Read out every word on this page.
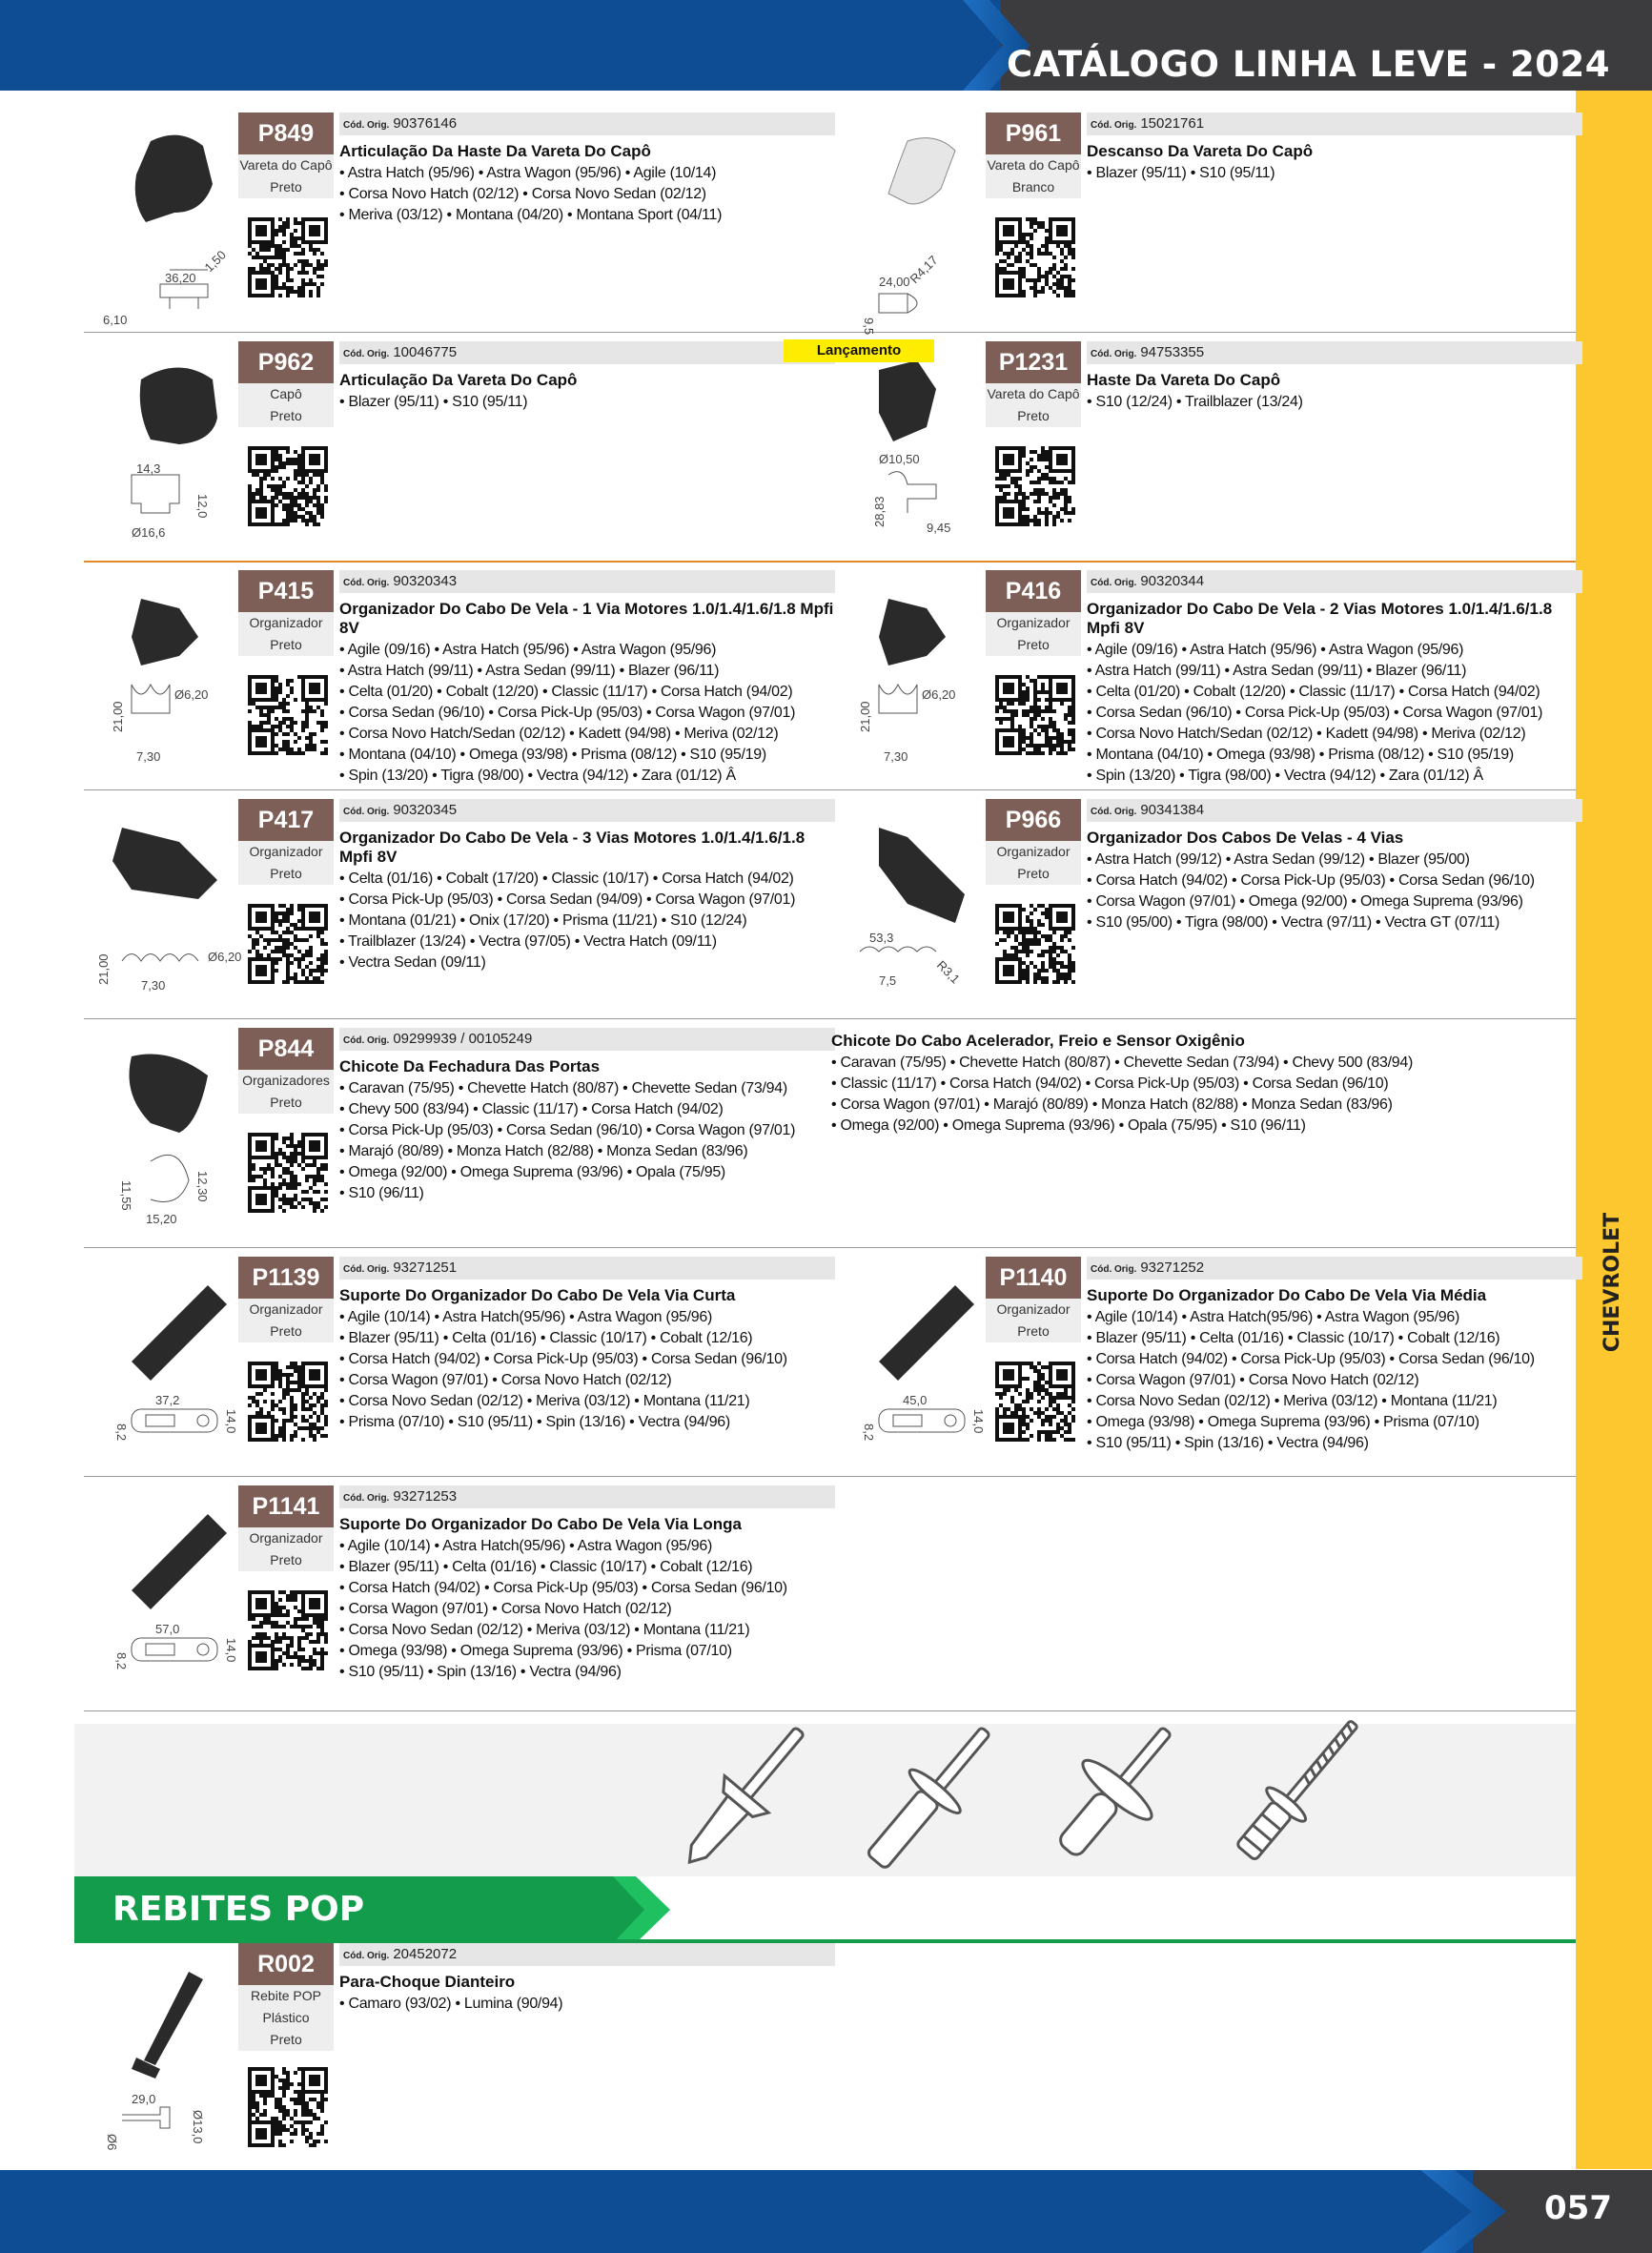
CATÁLOGO LINHA LEVE - 2024
CHEVROLET
REBITES POP
36,20
1,50
6,10
P849
Vareta do Capô
Preto
Cód. Orig. 90376146
Articulação Da Haste Da Vareta Do Capô
• Astra Hatch (95/96) • Astra Wagon (95/96) • Agile (10/14)
• Corsa Novo Hatch (02/12) • Corsa Novo Sedan (02/12)
• Meriva (03/12) • Montana (04/20) • Montana Sport (04/11)
24,00
R4,17
9,5
P961
Vareta do Capô
Branco
Cód. Orig. 15021761
Descanso Da Vareta Do Capô
• Blazer (95/11) • S10 (95/11)
14,3
12,0
Ø16,6
P962
Capô
Preto
Cód. Orig. 10046775
Articulação Da Vareta Do Capô
• Blazer (95/11) • S10 (95/11)
Ø10,50
28,83
9,45
P1231
Vareta do Capô
Preto
Cód. Orig. 94753355
Haste Da Vareta Do Capô
• S10 (12/24) • Trailblazer (13/24)
Lançamento
Ø6,20
21,00
7,30
P415
Organizador
Preto
Cód. Orig. 90320343
Organizador Do Cabo De Vela - 1 Via Motores 1.0/1.4/1.6/1.8 Mpfi 8V
• Agile (09/16) • Astra Hatch (95/96) • Astra Wagon (95/96)
• Astra Hatch (99/11) • Astra Sedan (99/11) • Blazer (96/11)
• Celta (01/20) • Cobalt (12/20) • Classic (11/17) • Corsa Hatch (94/02)
• Corsa Sedan (96/10) • Corsa Pick-Up (95/03) • Corsa Wagon (97/01)
• Corsa Novo Hatch/Sedan (02/12) • Kadett (94/98) • Meriva (02/12)
• Montana (04/10) • Omega (93/98) • Prisma (08/12) • S10 (95/19)
• Spin (13/20) • Tigra (98/00) • Vectra (94/12) • Zara (01/12) Â
Ø6,20
21,00
7,30
P416
Organizador
Preto
Cód. Orig. 90320344
Organizador Do Cabo De Vela - 2 Vias Motores 1.0/1.4/1.6/1.8 Mpfi 8V
• Agile (09/16) • Astra Hatch (95/96) • Astra Wagon (95/96)
• Astra Hatch (99/11) • Astra Sedan (99/11) • Blazer (96/11)
• Celta (01/20) • Cobalt (12/20) • Classic (11/17) • Corsa Hatch (94/02)
• Corsa Sedan (96/10) • Corsa Pick-Up (95/03) • Corsa Wagon (97/01)
• Corsa Novo Hatch/Sedan (02/12) • Kadett (94/98) • Meriva (02/12)
• Montana (04/10) • Omega (93/98) • Prisma (08/12) • S10 (95/19)
• Spin (13/20) • Tigra (98/00) • Vectra (94/12) • Zara (01/12) Â
Ø6,20
21,00
7,30
P417
Organizador
Preto
Cód. Orig. 90320345
Organizador Do Cabo De Vela - 3 Vias Motores 1.0/1.4/1.6/1.8 Mpfi 8V
• Celta (01/16) • Cobalt (17/20) • Classic (10/17) • Corsa Hatch (94/02)
• Corsa Pick-Up (95/03) • Corsa Sedan (94/09) • Corsa Wagon (97/01)
• Montana (01/21) • Onix (17/20) • Prisma (11/21) • S10 (12/24)
• Trailblazer (13/24) • Vectra (97/05) • Vectra Hatch (09/11)
• Vectra Sedan (09/11)
53,3
R3,1
7,5
P966
Organizador
Preto
Cód. Orig. 90341384
Organizador Dos Cabos De Velas - 4 Vias
• Astra Hatch (99/12) • Astra Sedan (99/12) • Blazer (95/00)
• Corsa Hatch (94/02) • Corsa Pick-Up (95/03) • Corsa Sedan (96/10)
• Corsa Wagon (97/01) • Omega (92/00) • Omega Suprema (93/96)
• S10 (95/00) • Tigra (98/00) • Vectra (97/11) • Vectra GT (07/11)
11,55	12,30
15,20
P844
Organizadores
Preto
Cód. Orig. 09299939 / 00105249
Chicote Da Fechadura Das Portas
• Caravan (75/95) • Chevette Hatch (80/87) • Chevette Sedan (73/94)
• Chevy 500 (83/94) • Classic (11/17) • Corsa Hatch (94/02)
• Corsa Pick-Up (95/03) • Corsa Sedan (96/10) • Corsa Wagon (97/01)
• Marajó (80/89) • Monza Hatch (82/88) • Monza Sedan (83/96)
• Omega (92/00) • Omega Suprema (93/96) • Opala (75/95)
• S10 (96/11)
37,2
8,2	14,0
P1139
Organizador
Preto
Cód. Orig. 93271251
Suporte Do Organizador Do Cabo De Vela Via Curta
• Agile (10/14) • Astra Hatch(95/96) • Astra Wagon (95/96)
• Blazer (95/11) • Celta (01/16) • Classic (10/17) • Cobalt (12/16)
• Corsa Hatch (94/02) • Corsa Pick-Up (95/03) • Corsa Sedan (96/10)
• Corsa Wagon (97/01) • Corsa Novo Hatch (02/12)
• Corsa Novo Sedan (02/12) • Meriva (03/12) • Montana (11/21)
• Prisma (07/10) • S10 (95/11) • Spin (13/16) • Vectra (94/96)
45,0
8,2	14,0
P1140
Organizador
Preto
Cód. Orig. 93271252
Suporte Do Organizador Do Cabo De Vela Via Média
• Agile (10/14) • Astra Hatch(95/96) • Astra Wagon (95/96)
• Blazer (95/11) • Celta (01/16) • Classic (10/17) • Cobalt (12/16)
• Corsa Hatch (94/02) • Corsa Pick-Up (95/03) • Corsa Sedan (96/10)
• Corsa Wagon (97/01) • Corsa Novo Hatch (02/12)
• Corsa Novo Sedan (02/12) • Meriva (03/12) • Montana (11/21)
• Omega (93/98) • Omega Suprema (93/96) • Prisma (07/10)
• S10 (95/11) • Spin (13/16) • Vectra (94/96)
57,0
8,2	14,0
P1141
Organizador
Preto
Cód. Orig. 93271253
Suporte Do Organizador Do Cabo De Vela Via Longa
• Agile (10/14) • Astra Hatch(95/96) • Astra Wagon (95/96)
• Blazer (95/11) • Celta (01/16) • Classic (10/17) • Cobalt (12/16)
• Corsa Hatch (94/02) • Corsa Pick-Up (95/03) • Corsa Sedan (96/10)
• Corsa Wagon (97/01) • Corsa Novo Hatch (02/12)
• Corsa Novo Sedan (02/12) • Meriva (03/12) • Montana (11/21)
• Omega (93/98) • Omega Suprema (93/96) • Prisma (07/10)
• S10 (95/11) • Spin (13/16) • Vectra (94/96)
29,0
Ø13,0
Ø6
R002
Rebite POP
Plástico
Preto
Cód. Orig. 20452072
Para-Choque Dianteiro
• Camaro (93/02) • Lumina (90/94)
Chicote Do Cabo Acelerador, Freio e Sensor Oxigênio
• Caravan (75/95) • Chevette Hatch (80/87) • Chevette Sedan (73/94) • Chevy 500 (83/94)
• Classic (11/17) • Corsa Hatch (94/02) • Corsa Pick-Up (95/03) • Corsa Sedan (96/10)
• Corsa Wagon (97/01) • Marajó (80/89) • Monza Hatch (82/88) • Monza Sedan (83/96)
• Omega (92/00) • Omega Suprema (93/96) • Opala (75/95) • S10 (96/11)
057
